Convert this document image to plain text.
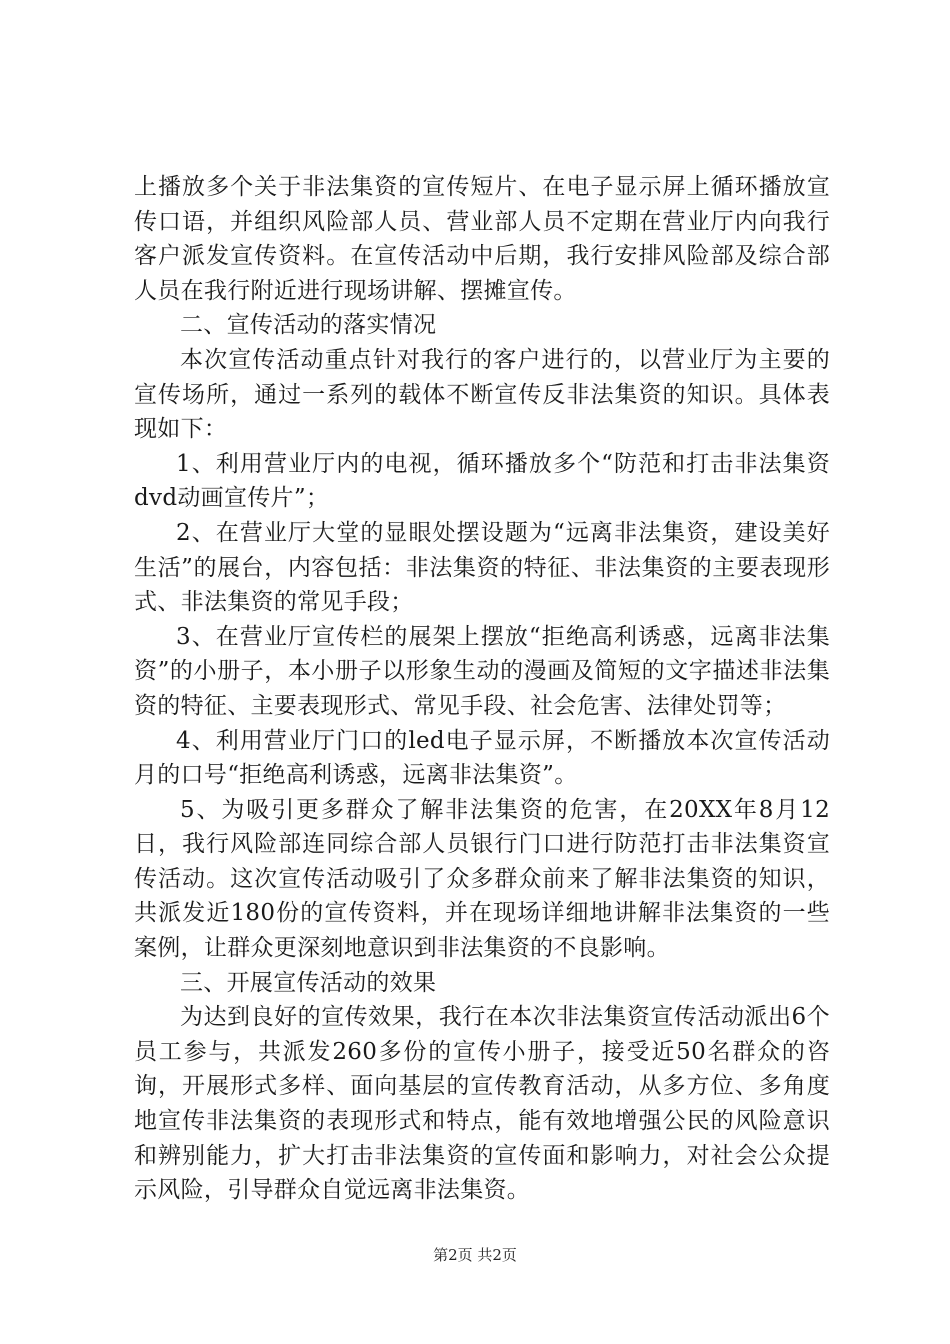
上播放多个关于非法集资的宣传短片、在电子显示屏上循环播放宣传口语，并组织风险部人员、营业部人员不定期在营业厅内向我行客户派发宣传资料。在宣传活动中后期，我行安排风险部及综合部人员在我行附近进行现场讲解、摆摊宣传。

二、宣传活动的落实情况

本次宣传活动重点针对我行的客户进行的，以营业厅为主要的宣传场所，通过一系列的载体不断宣传反非法集资的知识。具体表现如下：

1、利用营业厅内的电视，循环播放多个“防范和打击非法集资dvd动画宣传片”；

2、在营业厅大堂的显眼处摆设题为“远离非法集资，建设美好生活”的展台，内容包括：非法集资的特征、非法集资的主要表现形式、非法集资的常见手段；

3、在营业厅宣传栏的展架上摆放“拒绝高利诱惑，远离非法集资”的小册子，本小册子以形象生动的漫画及简短的文字描述非法集资的特征、主要表现形式、常见手段、社会危害、法律处罚等；

4、利用营业厅门口的led电子显示屏，不断播放本次宣传活动月的口号“拒绝高利诱惑，远离非法集资”。

5、为吸引更多群众了解非法集资的危害，在20XX年8月12日，我行风险部连同综合部人员银行门口进行防范打击非法集资宣传活动。这次宣传活动吸引了众多群众前来了解非法集资的知识，共派发近180份的宣传资料，并在现场详细地讲解非法集资的一些案例，让群众更深刻地意识到非法集资的不良影响。

三、开展宣传活动的效果

为达到良好的宣传效果，我行在本次非法集资宣传活动派出6个员工参与，共派发260多份的宣传小册子，接受近50名群众的咨询，开展形式多样、面向基层的宣传教育活动，从多方位、多角度地宣传非法集资的表现形式和特点，能有效地增强公民的风险意识和辨别能力，扩大打击非法集资的宣传面和影响力，对社会公众提示风险，引导群众自觉远离非法集资。

第2页 共2页
